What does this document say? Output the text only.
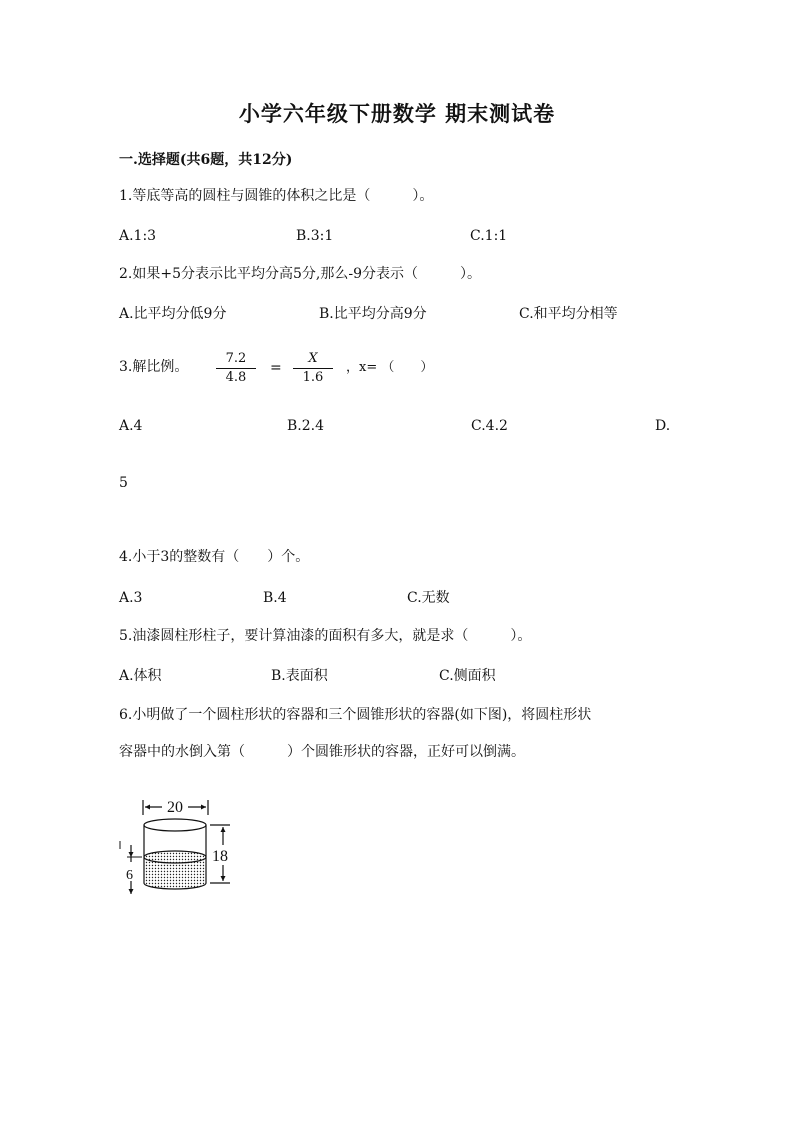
小学六年级下册数学 期末测试卷
一.选择题(共6题，共12分)
1.等底等高的圆柱与圆锥的体积之比是（　　　）。
A.1:3	B.3:1	C.1:1
2.如果+5分表示比平均分高5分,那么-9分表示（　　　）。
A.比平均分低9分	B.比平均分高9分	C.和平均分相等
3.解比例。 $\frac{7.2}{4.8} = \frac{X}{1.6}$ ，x= （　　）
A.4	B.2.4	C.4.2	D.
5
4.小于3的整数有（　　）个。
A.3	B.4	C.无数
5.油漆圆柱形柱子，要计算油漆的面积有多大，就是求（　　　）。
A.体积	B.表面积	C.侧面积
6.小明做了一个圆柱形状的容器和三个圆锥形状的容器(如下图)，将圆柱形状
容器中的水倒入第（　　　）个圆锥形状的容器，正好可以倒满。
20
18
6
